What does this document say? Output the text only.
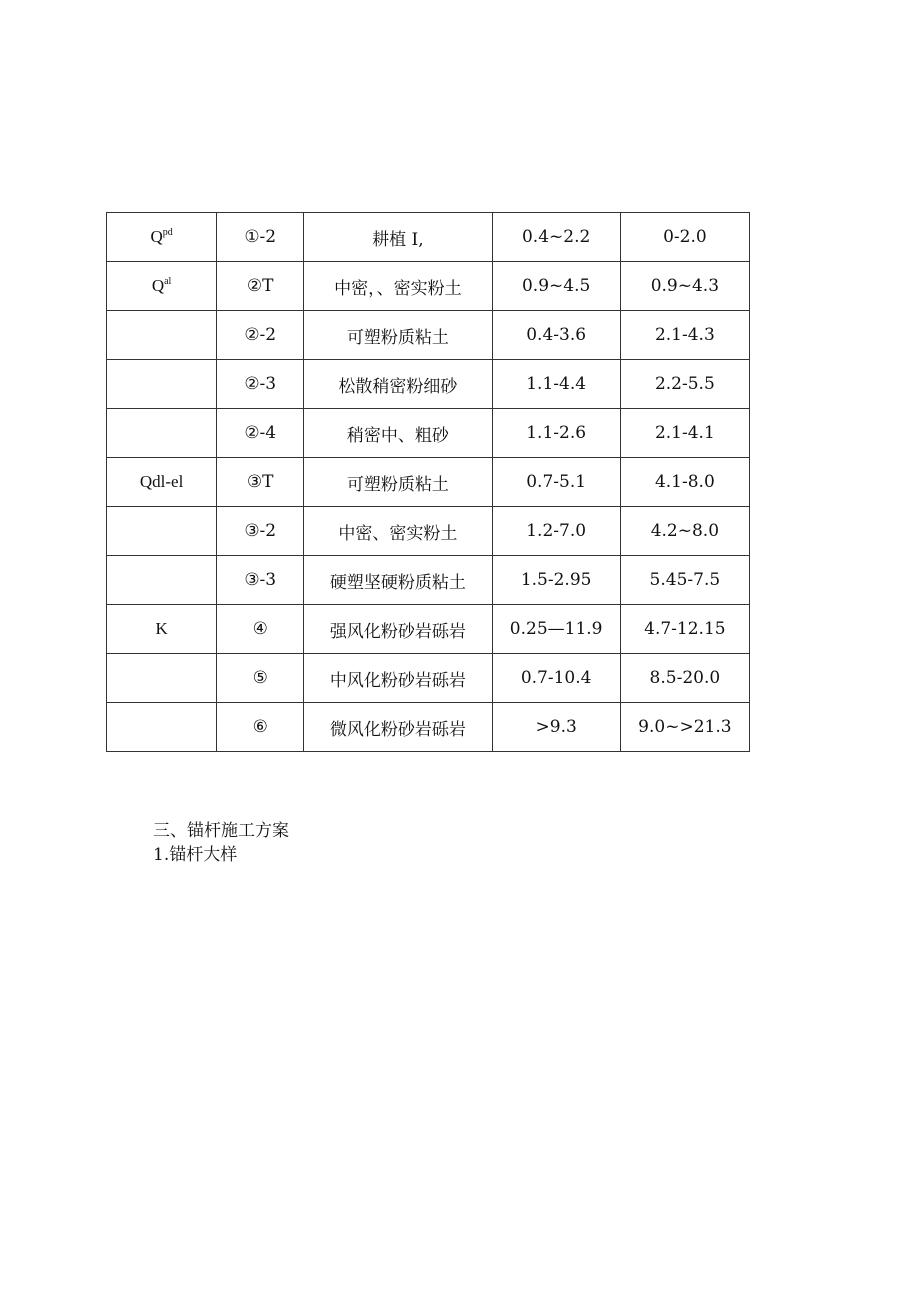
$Q^{pd}$	①-2	耕植 I,	0.4~2.2	0-2.0
$Q^{al}$	②T	中密，、密实粉土	0.9~4.5	0.9~4.3
	②-2	可塑粉质粘土	0.4-3.6	2.1-4.3
	②-3	松散稍密粉细砂	1.1-4.4	2.2-5.5
	②-4	稍密中、粗砂	1.1-2.6	2.1-4.1
Qdl-el	③T	可塑粉质粘土	0.7-5.1	4.1-8.0
	③-2	中密、密实粉土	1.2-7.0	4.2~8.0
	③-3	硬塑坚硬粉质粘土	1.5-2.95	5.45-7.5
K	④	强风化粉砂岩砾岩	0.25—11.9	4.7-12.15
	⑤	中风化粉砂岩砾岩	0.7-10.4	8.5-20.0
	⑥	微风化粉砂岩砾岩	>9.3	9.0~>21.3
三、锚杆施工方案
1.锚杆大样
